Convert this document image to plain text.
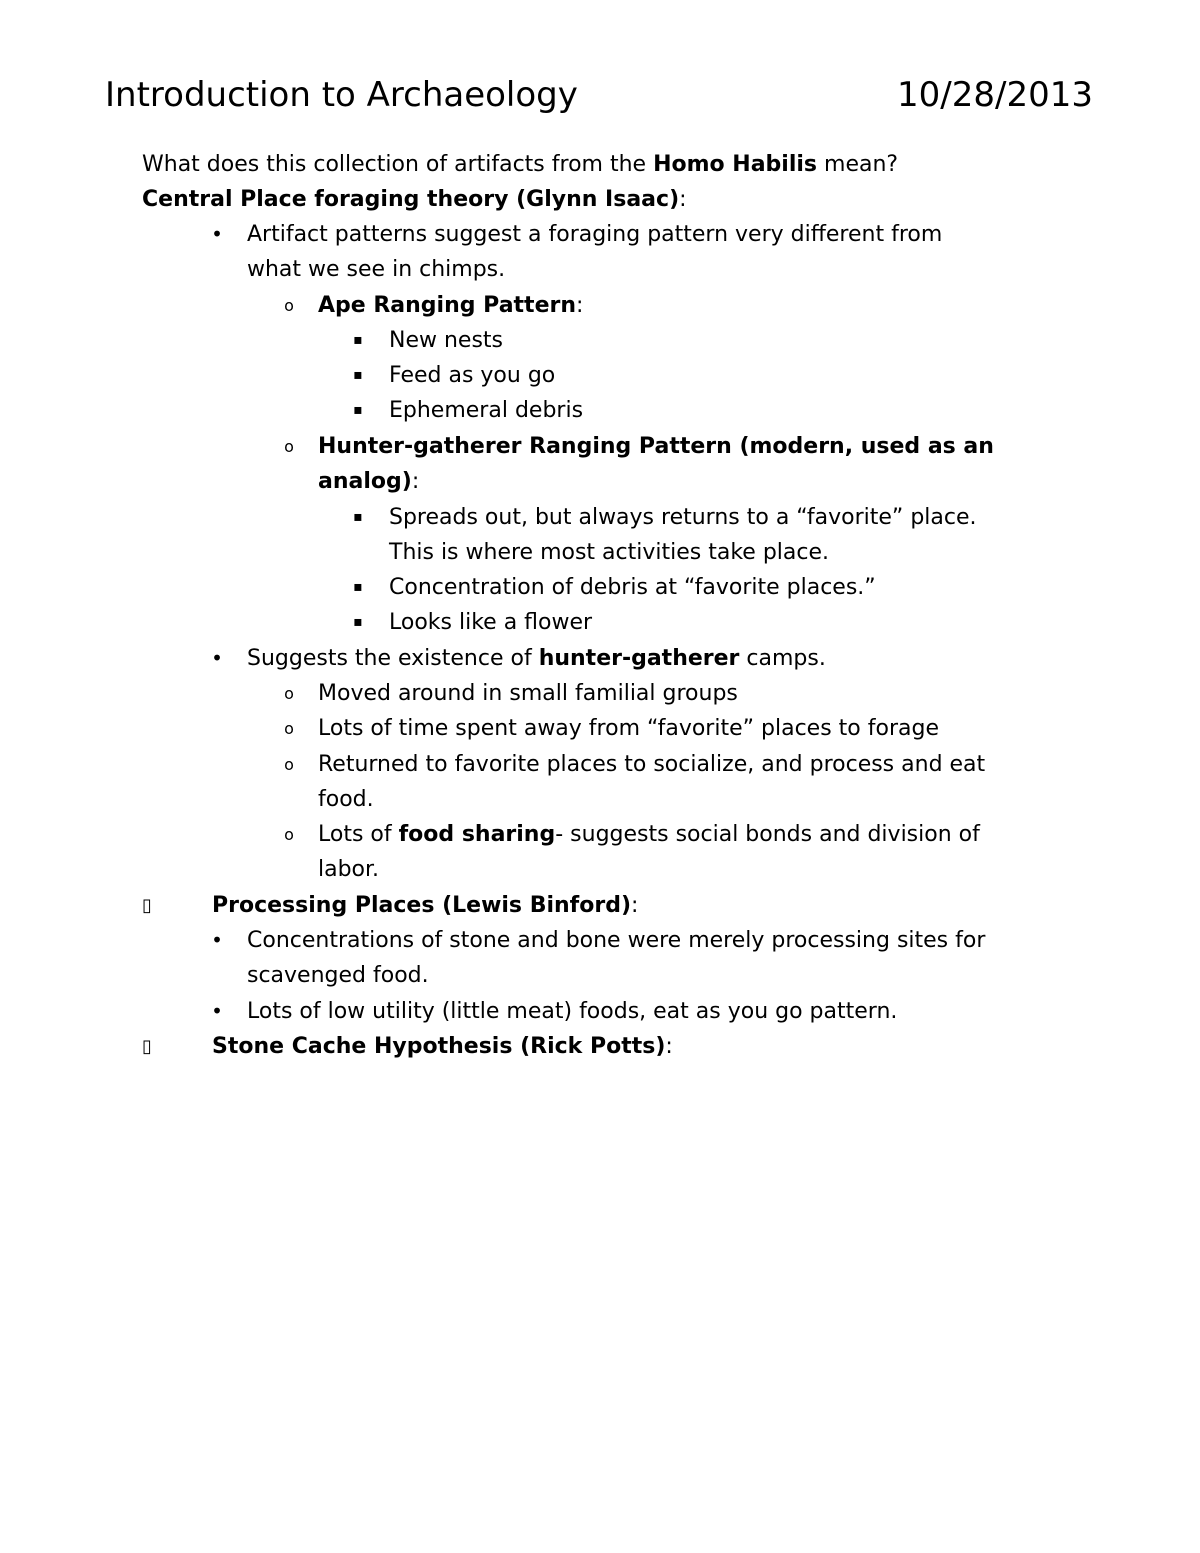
Introduction to Archaeology	10/28/2013
What does this collection of artifacts from the Homo Habilis mean?
Central Place foraging theory (Glynn Isaac):
• Artifact patterns suggest a foraging pattern very different from
what we see in chimps.
o Ape Ranging Pattern:
▪ New nests
▪ Feed as you go
▪ Ephemeral debris
o Hunter-gatherer Ranging Pattern (modern, used as an
analog):
▪ Spreads out, but always returns to a “favorite” place.
This is where most activities take place.
▪ Concentration of debris at “favorite places.”
▪ Looks like a flower
• Suggests the existence of hunter-gatherer camps.
o Moved around in small familial groups
o Lots of time spent away from “favorite” places to forage
o Returned to favorite places to socialize, and process and eat
food.
o Lots of food sharing- suggests social bonds and division of
labor.
▯	Processing Places (Lewis Binford):
• Concentrations of stone and bone were merely processing sites for
scavenged food.
• Lots of low utility (little meat) foods, eat as you go pattern.
▯	Stone Cache Hypothesis (Rick Potts):
